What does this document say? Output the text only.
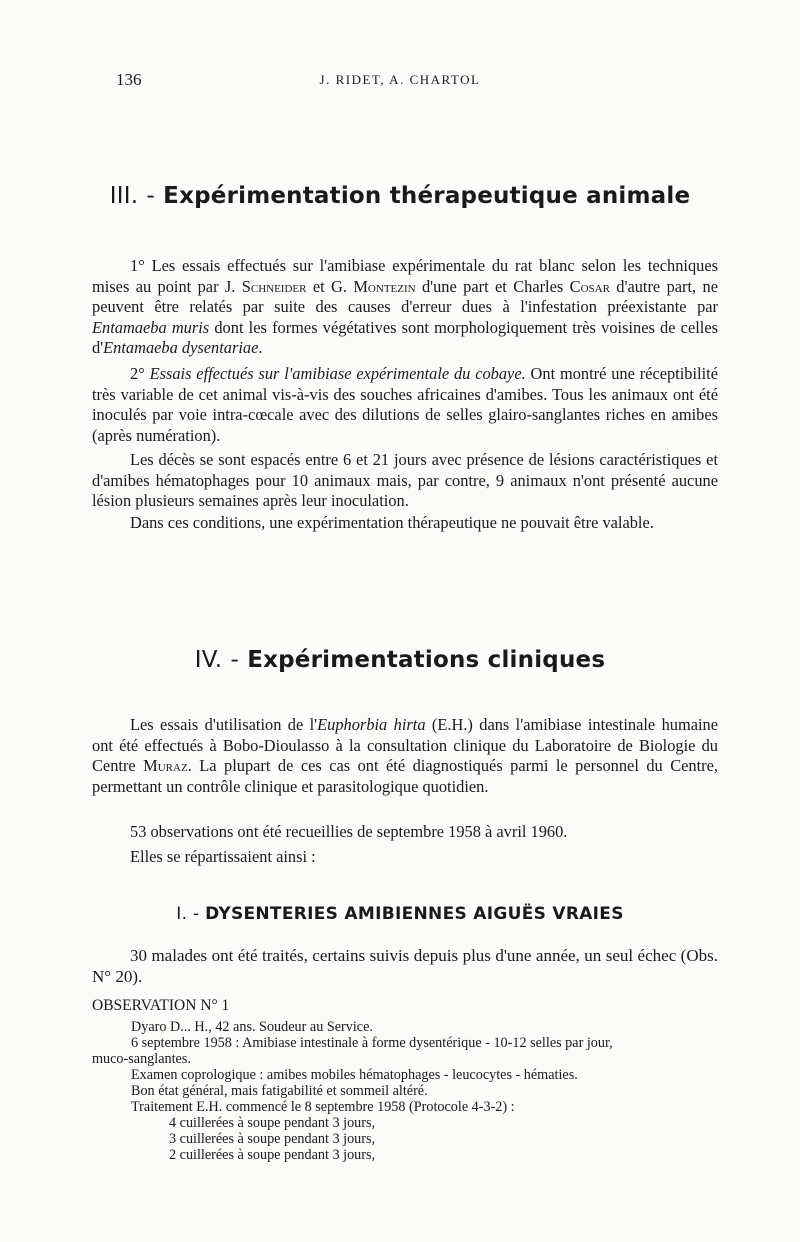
136	J. RIDET, A. CHARTOL
III. - Expérimentation thérapeutique animale
1° Les essais effectués sur l'amibiase expérimentale du rat blanc selon les techniques mises au point par J. Schneider et G. Montezin d'une part et Charles Cosar d'autre part, ne peuvent être relatés par suite des causes d'erreur dues à l'infestation préexistante par Entamaeba muris dont les formes végétatives sont morphologiquement très voisines de celles d'Entamaeba dysentariae.
2° Essais effectués sur l'amibiase expérimentale du cobaye. Ont montré une réceptibilité très variable de cet animal vis-à-vis des souches africaines d'amibes. Tous les animaux ont été inoculés par voie intra-cœcale avec des dilutions de selles glairo-sanglantes riches en amibes (après numération).
Les décès se sont espacés entre 6 et 21 jours avec présence de lésions caractéristiques et d'amibes hématophages pour 10 animaux mais, par contre, 9 animaux n'ont présenté aucune lésion plusieurs semaines après leur inoculation.
Dans ces conditions, une expérimentation thérapeutique ne pouvait être valable.
IV. - Expérimentations cliniques
Les essais d'utilisation de l'Euphorbia hirta (E.H.) dans l'amibiase intestinale humaine ont été effectués à Bobo-Dioulasso à la consultation clinique du Laboratoire de Biologie du Centre Muraz. La plupart de ces cas ont été diagnostiqués parmi le personnel du Centre, permettant un contrôle clinique et parasitologique quotidien.
53 observations ont été recueillies de septembre 1958 à avril 1960.
Elles se répartissaient ainsi :
I. - DYSENTERIES AMIBIENNES AIGUËS VRAIES
30 malades ont été traités, certains suivis depuis plus d'une année, un seul échec (Obs. N° 20).
OBSERVATION N° 1
Dyaro D... H., 42 ans. Soudeur au Service.
6 septembre 1958 : Amibiase intestinale à forme dysentérique - 10-12 selles par jour,
muco-sanglantes.
Examen coprologique : amibes mobiles hématophages - leucocytes - hématies.
Bon état général, mais fatigabilité et sommeil altéré.
Traitement E.H. commencé le 8 septembre 1958 (Protocole 4-3-2) :
4 cuillerées à soupe pendant 3 jours,
3 cuillerées à soupe pendant 3 jours,
2 cuillerées à soupe pendant 3 jours,
